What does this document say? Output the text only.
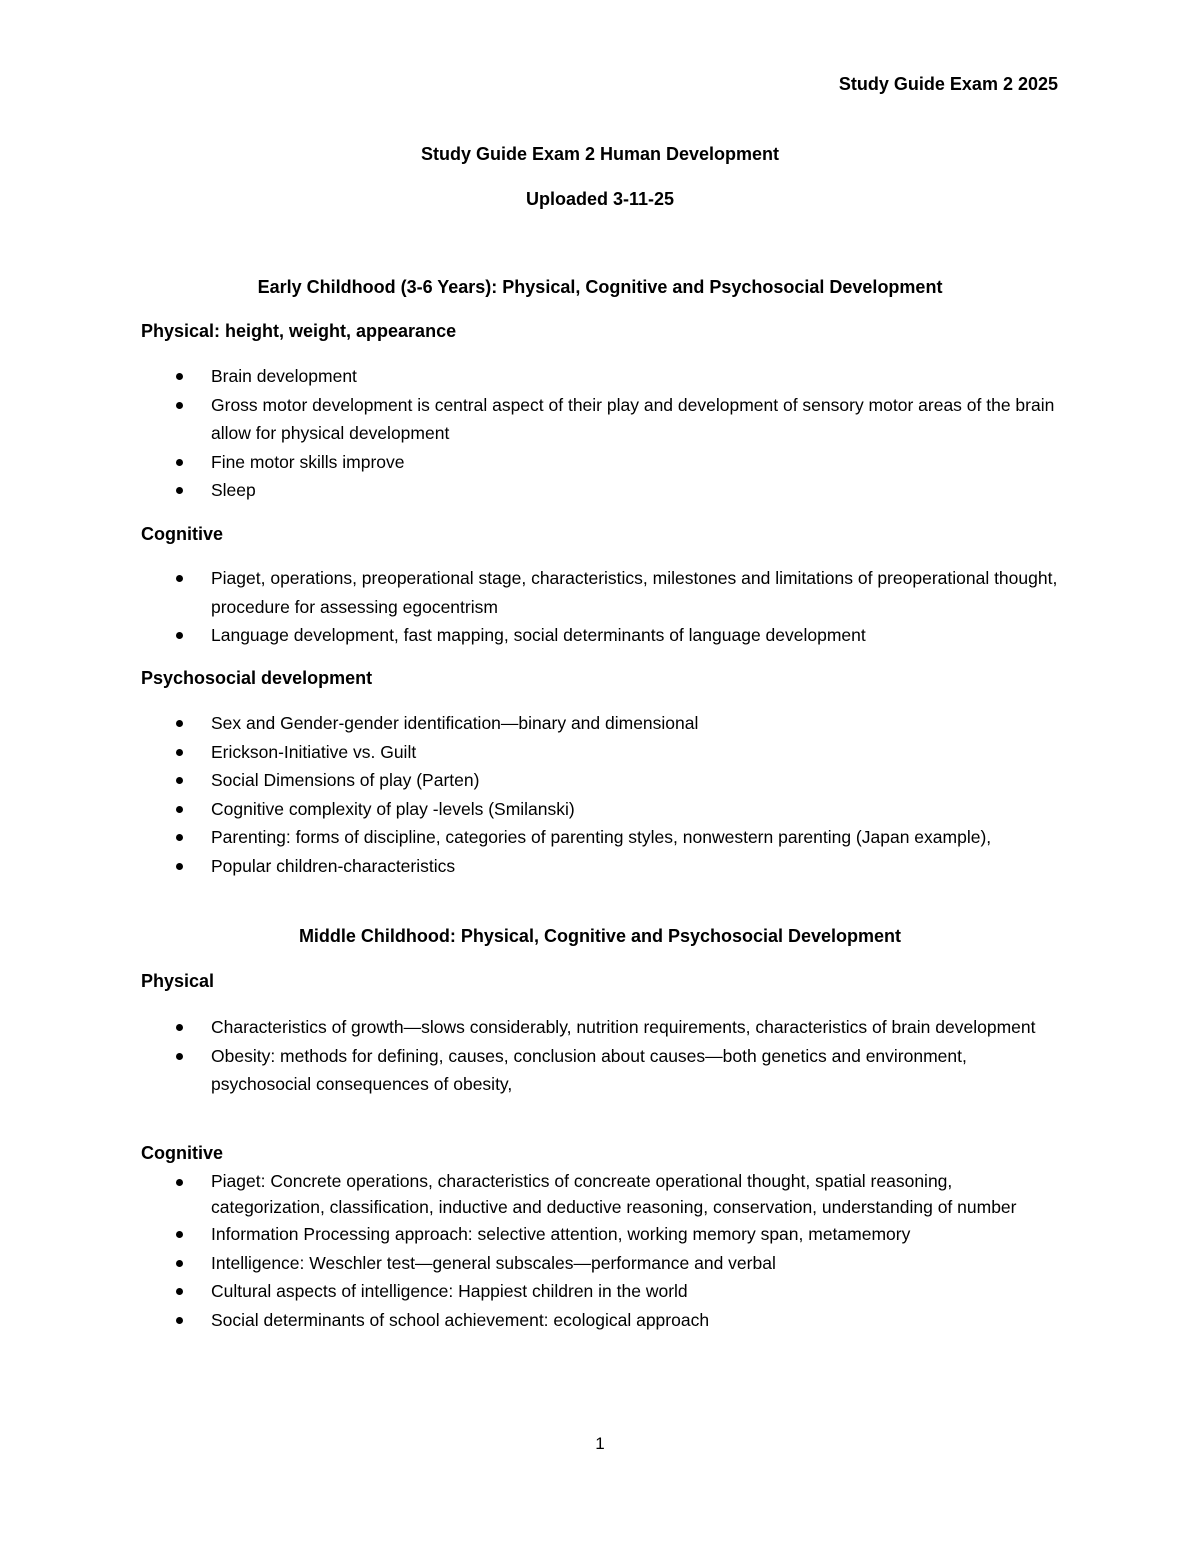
Study Guide Exam 2 2025
Study Guide Exam 2 Human Development
Uploaded 3-11-25
Early Childhood (3-6 Years): Physical, Cognitive and Psychosocial Development
Physical: height, weight, appearance
Brain development
Gross motor development is central aspect of their play and development of sensory motor areas of the brain allow for physical development
Fine motor skills improve
Sleep
Cognitive
Piaget, operations, preoperational stage, characteristics, milestones and limitations of preoperational thought, procedure for assessing egocentrism
Language development, fast mapping, social determinants of language development
Psychosocial development
Sex and Gender-gender identification—binary and dimensional
Erickson-Initiative vs. Guilt
Social Dimensions of play (Parten)
Cognitive complexity of play -levels (Smilanski)
Parenting: forms of discipline, categories of parenting styles, nonwestern parenting (Japan example),
Popular children-characteristics
Middle Childhood: Physical, Cognitive and Psychosocial Development
Physical
Characteristics of growth—slows considerably, nutrition requirements, characteristics of brain development
Obesity: methods for defining, causes, conclusion about causes—both genetics and environment, psychosocial consequences of obesity,
Cognitive
Piaget: Concrete operations, characteristics of concreate operational thought, spatial reasoning, categorization, classification, inductive and deductive reasoning, conservation, understanding of number
Information Processing approach: selective attention, working memory span, metamemory
Intelligence: Weschler test—general subscales—performance and verbal
Cultural aspects of intelligence: Happiest children in the world
Social determinants of school achievement: ecological approach
1
